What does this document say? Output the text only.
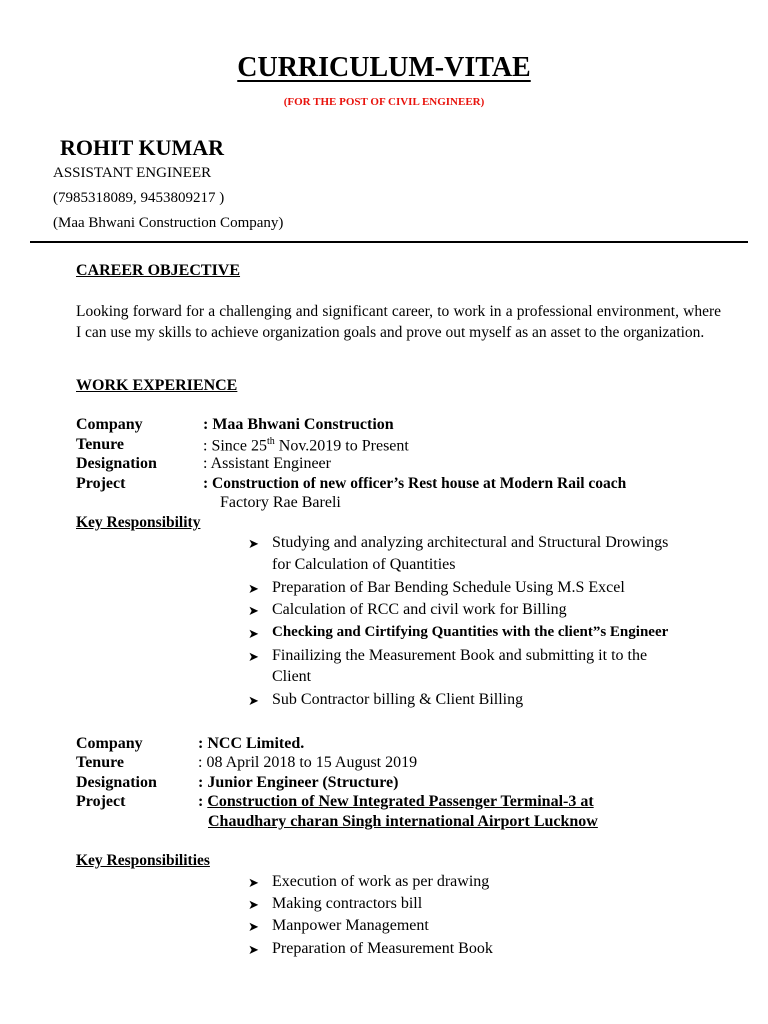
CURRICULUM-VITAE
(FOR THE POST OF CIVIL ENGINEER)
ROHIT KUMAR
ASSISTANT ENGINEER
(7985318089, 9453809217 )
(Maa Bhwani Construction Company)
CAREER OBJECTIVE
Looking forward for a challenging and significant career, to work in a professional environment, where I can use my skills to achieve organization goals and prove out myself as an asset to the organization.
WORK EXPERIENCE
Company	: Maa Bhwani Construction
Tenure	: Since 25th Nov.2019 to Present
Designation	: Assistant Engineer
Project	: Construction of new officer’s Rest house at Modern Rail coach
Factory Rae Bareli
Key Responsibility
➤ Studying and analyzing architectural and Structural Drowings
for Calculation of Quantities
➤ Preparation of Bar Bending Schedule Using M.S Excel
➤ Calculation of RCC and civil work for Billing
➤ Checking and Cirtifying Quantities with the client”s Engineer
➤ Finailizing the Measurement Book and submitting it to the
Client
➤ Sub Contractor billing & Client Billing
Company	: NCC Limited.
Tenure	: 08 April 2018 to 15 August 2019
Designation	: Junior Engineer (Structure)
Project	: Construction of New Integrated Passenger Terminal-3 at
Chaudhary charan Singh international Airport Lucknow
Key Responsibilities
➤ Execution of work as per drawing
➤ Making contractors bill
➤ Manpower Management
➤ Preparation of Measurement Book
